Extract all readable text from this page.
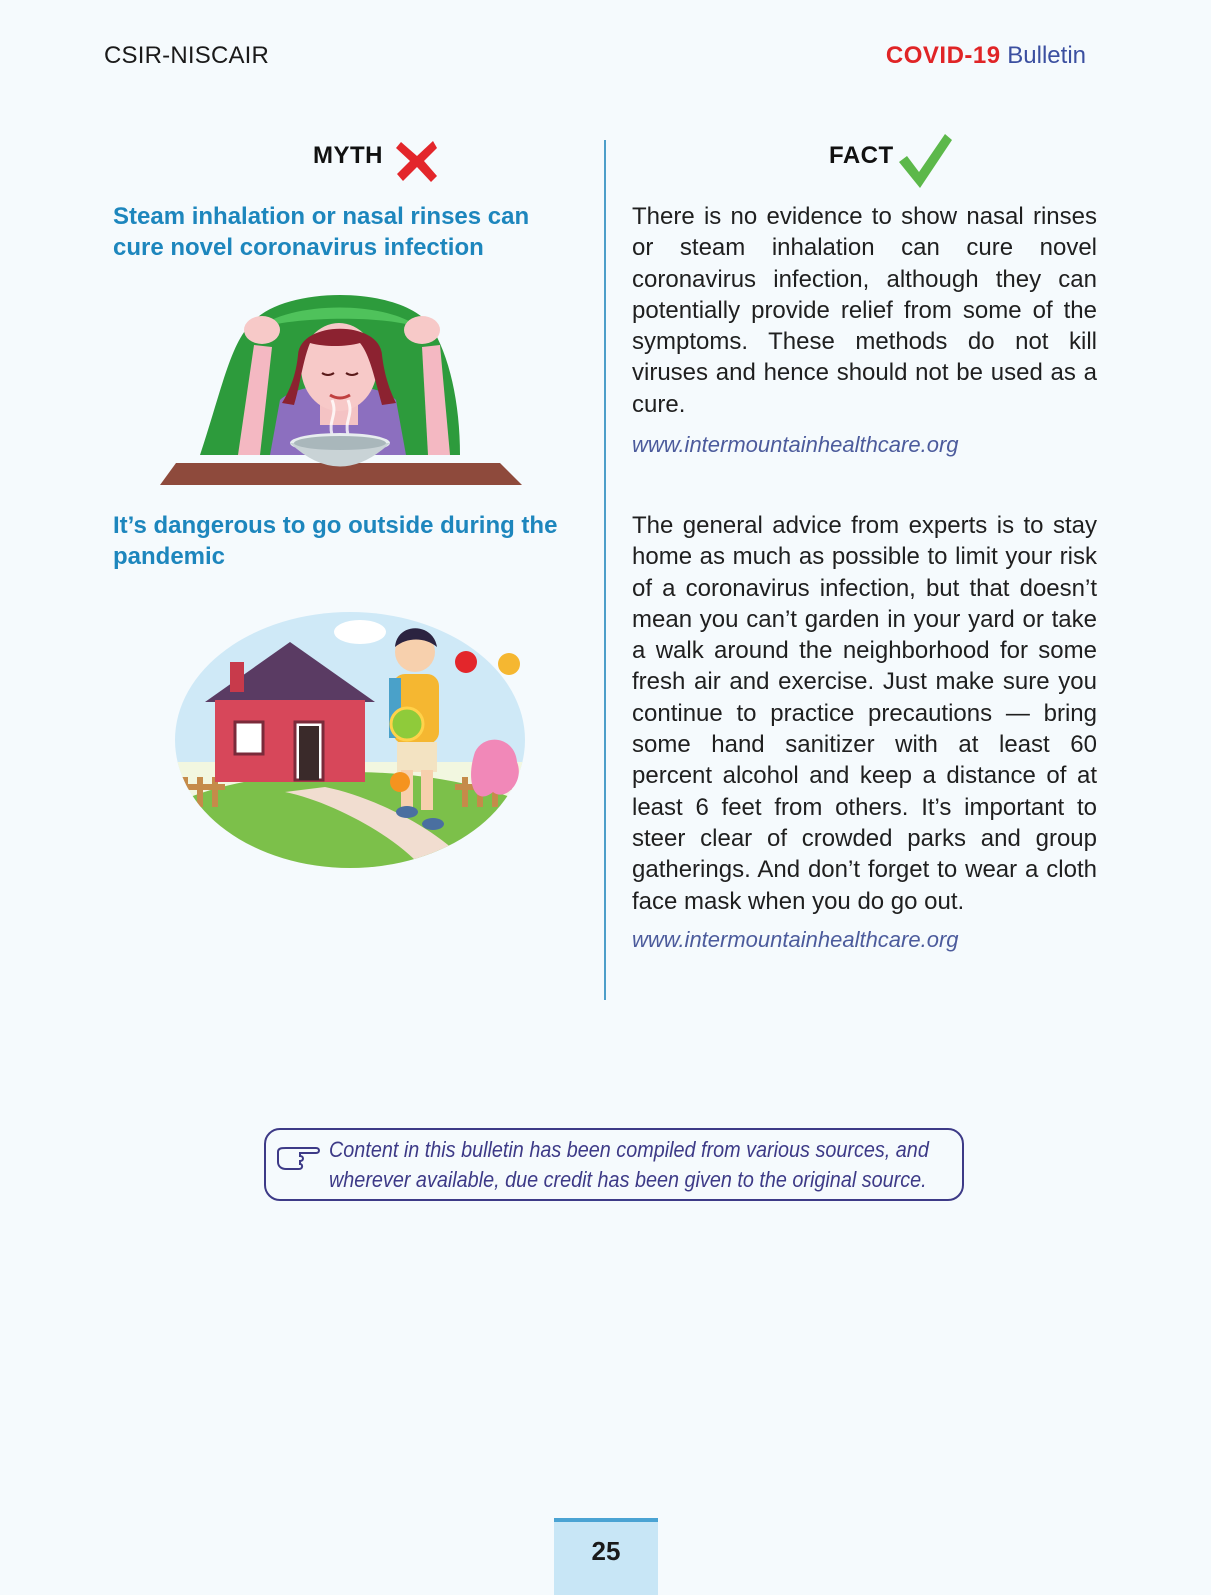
CSIR-NISCAIR	COVID-19 Bulletin
MYTH	FACT
Steam inhalation or nasal rinses can cure novel coronavirus infection
It’s dangerous to go outside during the pandemic
There is no evidence to show nasal rinses or steam inhalation can cure novel coronavirus infection, although they can potentially provide relief from some of the symptoms. These methods do not kill viruses and hence should not be used as a cure.
www.intermountainhealthcare.org
The general advice from experts is to stay home as much as possible to limit your risk of a coronavirus infection, but that doesn’t mean you can’t garden in your yard or take a walk around the neighborhood for some fresh air and exercise. Just make sure you continue to practice precautions — bring some hand sanitizer with at least 60 percent alcohol and keep a distance of at least 6 feet from others. It’s important to steer clear of crowded parks and group gatherings. And don’t forget to wear a cloth face mask when you do go out.
www.intermountainhealthcare.org
Content in this bulletin has been compiled from various sources, and
wherever available, due credit has been given to the original source.
25
